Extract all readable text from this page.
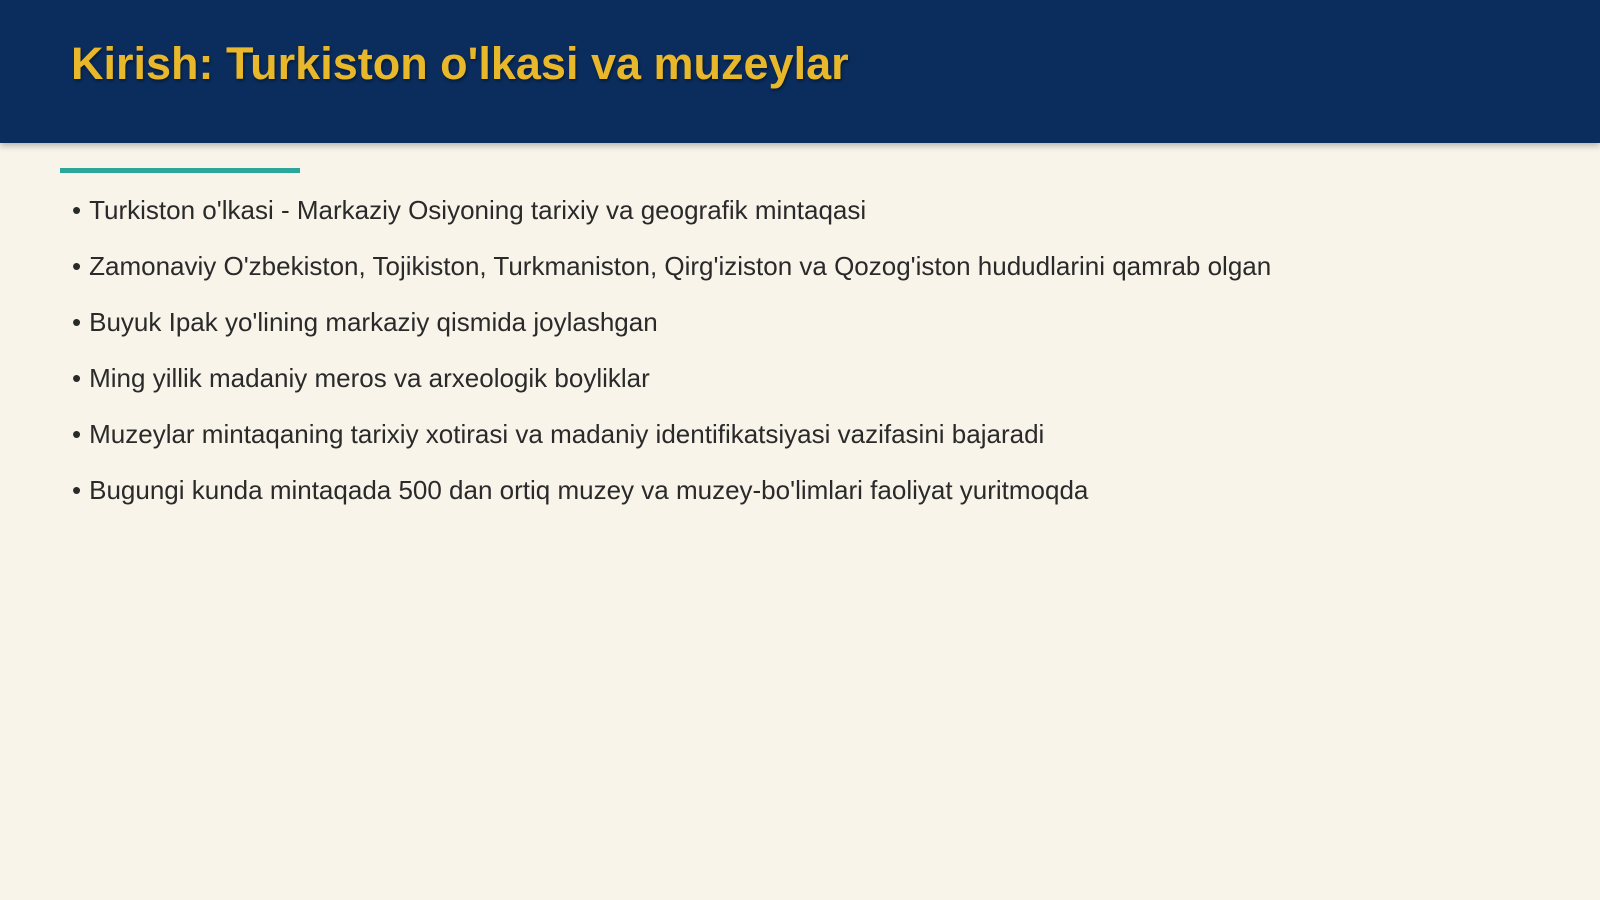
Kirish: Turkiston o'lkasi va muzeylar
• Turkiston o'lkasi - Markaziy Osiyoning tarixiy va geografik mintaqasi
• Zamonaviy O'zbekiston, Tojikiston, Turkmaniston, Qirg'iziston va Qozog'iston hududlarini qamrab olgan
• Buyuk Ipak yo'lining markaziy qismida joylashgan
• Ming yillik madaniy meros va arxeologik boyliklar
• Muzeylar mintaqaning tarixiy xotirasi va madaniy identifikatsiyasi vazifasini bajaradi
• Bugungi kunda mintaqada 500 dan ortiq muzey va muzey-bo'limlari faoliyat yuritmoqda
